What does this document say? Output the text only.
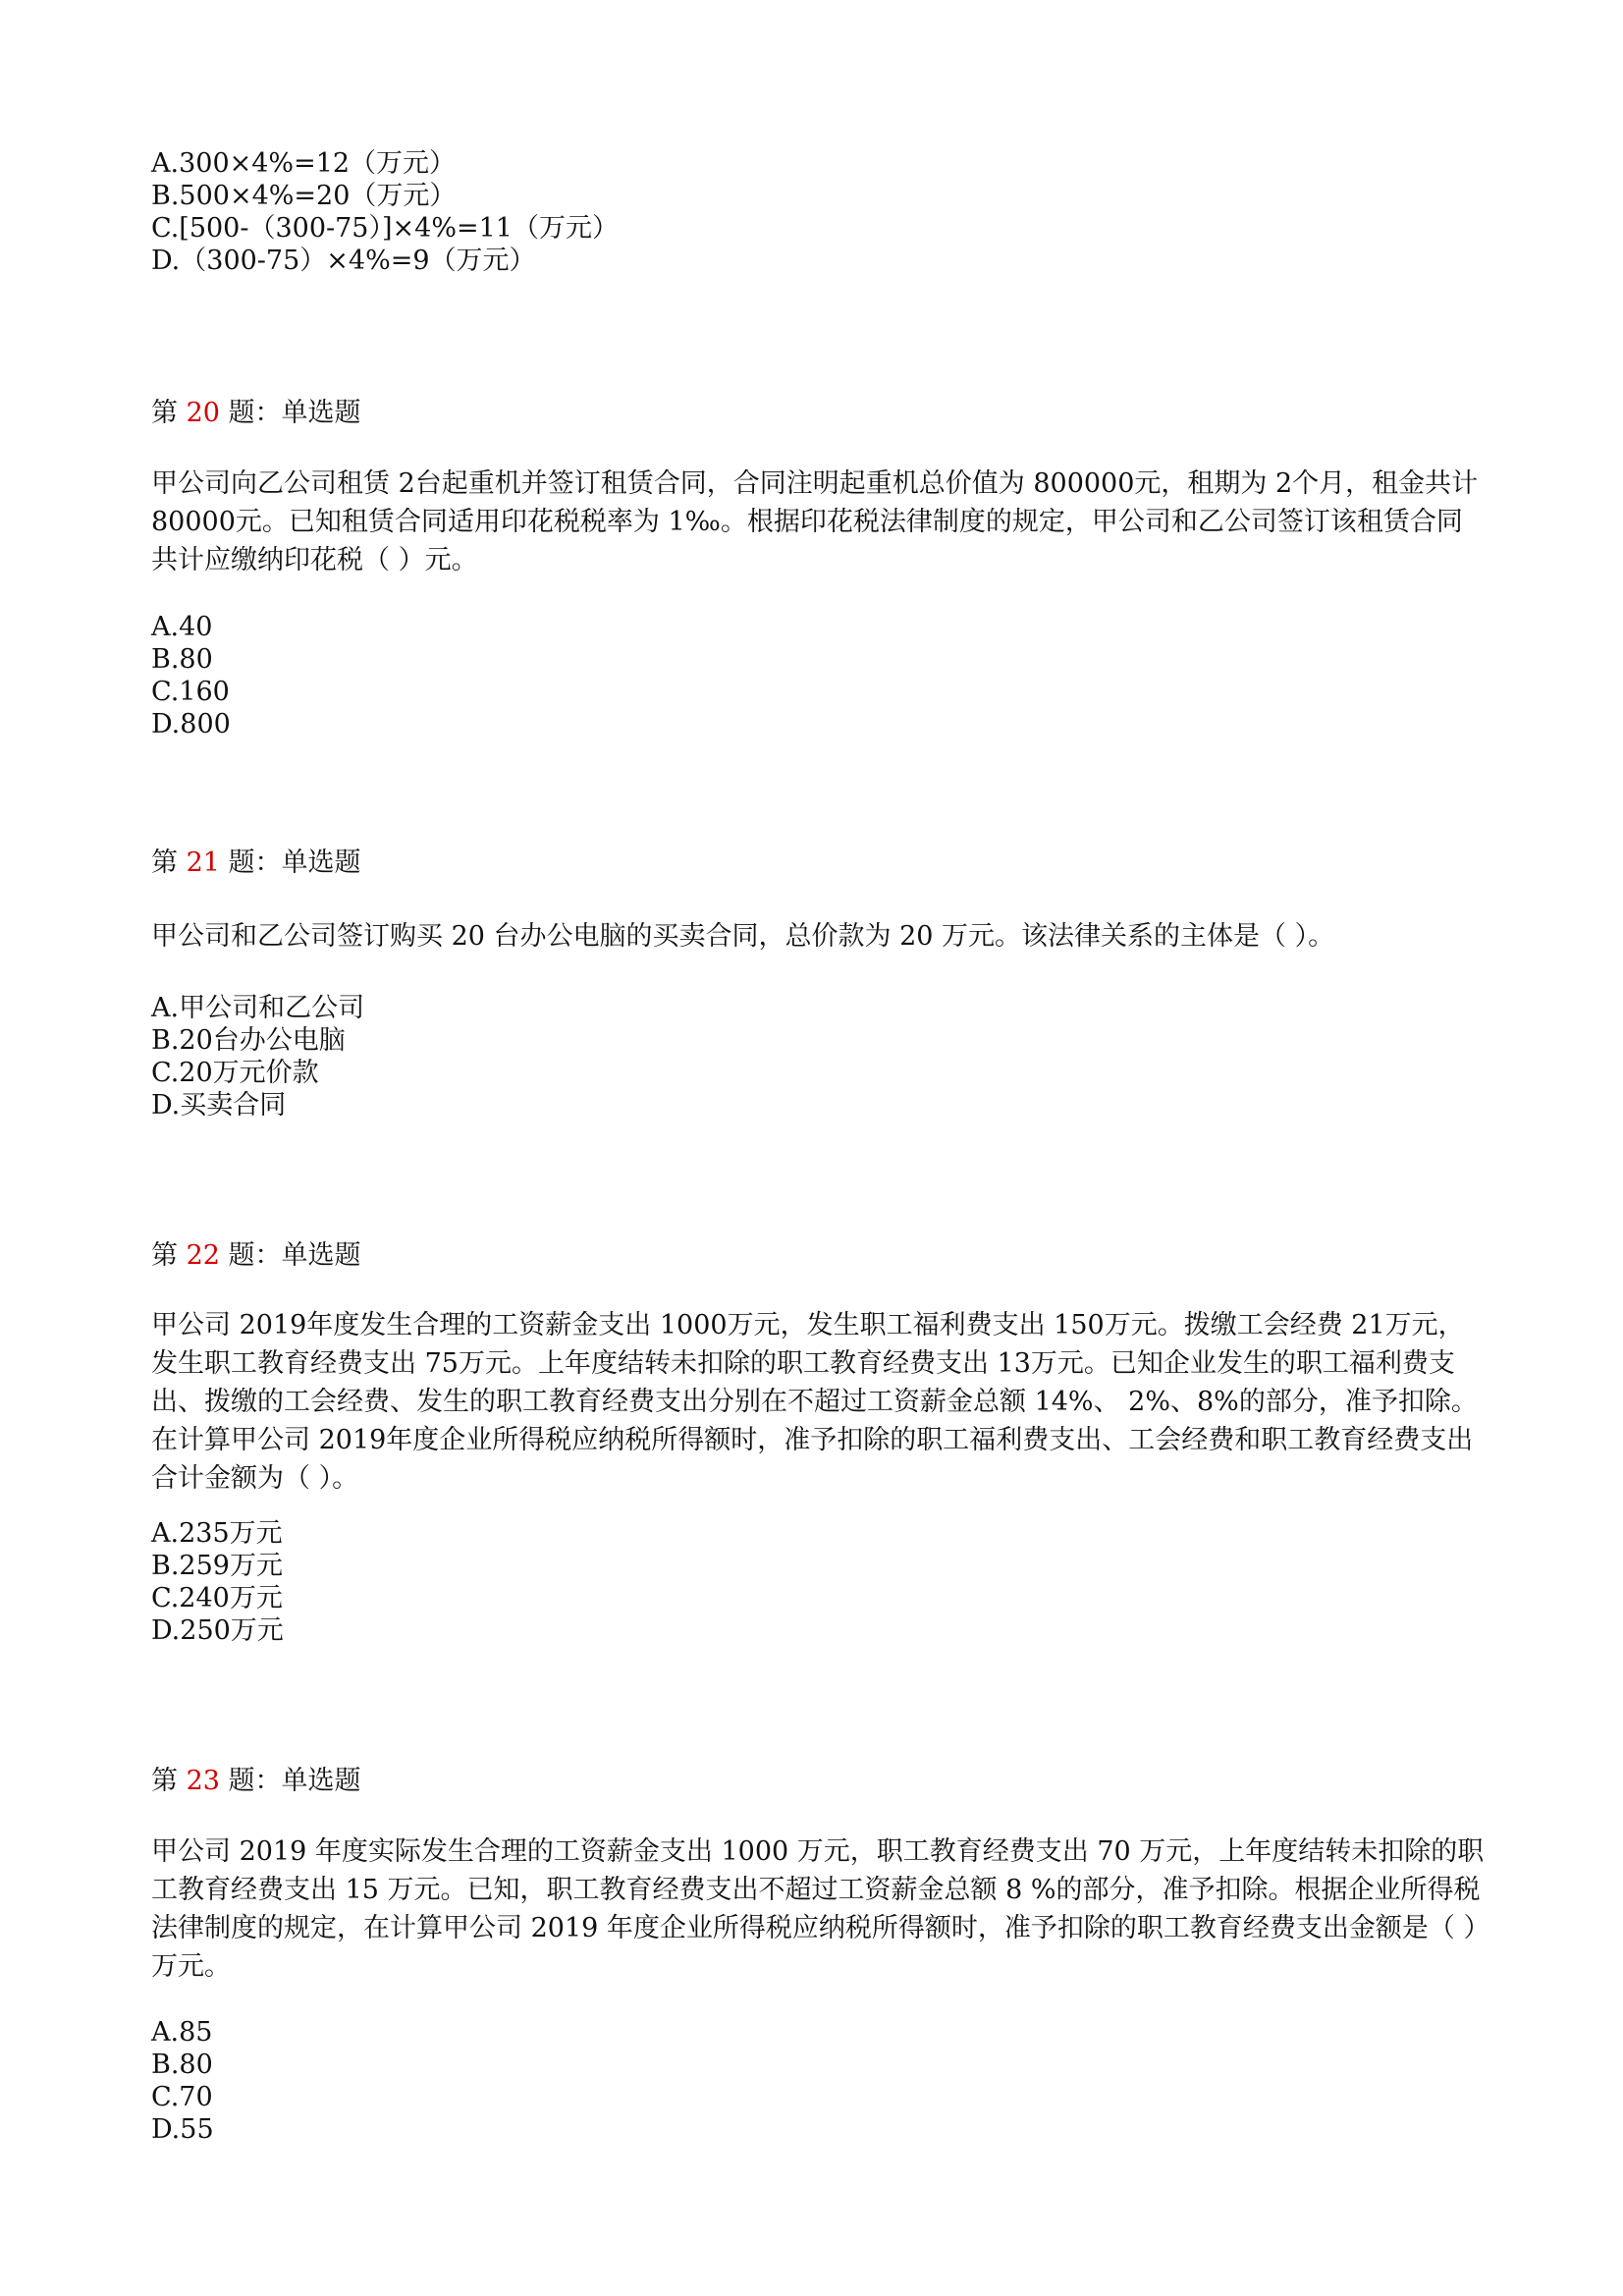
A.300×4%=12（万元）

B.500×4%=20（万元）

C.[500-（300-75）]×4%=11（万元）

D.（300-75）×4%=9（万元）

第 20 题：单选题

甲公司向乙公司租赁 2台起重机并签订租赁合同，合同注明起重机总价值为 800000元，租期为 2个月，租金共计 80000元。已知租赁合同适用印花税税率为 1‰。根据印花税法律制度的规定，甲公司和乙公司签订该租赁合同共计应缴纳印花税（ ）元。

A.40

B.80

C.160

D.800

第 21 题：单选题

甲公司和乙公司签订购买 20 台办公电脑的买卖合同，总价款为 20 万元。该法律关系的主体是（ ）。

A.甲公司和乙公司

B.20台办公电脑

C.20万元价款

D.买卖合同

第 22 题：单选题

甲公司 2019年度发生合理的工资薪金支出 1000万元，发生职工福利费支出 150万元。拨缴工会经费 21万元，发生职工教育经费支出 75万元。上年度结转未扣除的职工教育经费支出 13万元。已知企业发生的职工福利费支出、拨缴的工会经费、发生的职工教育经费支出分别在不超过工资薪金总额 14%、 2%、8%的部分，准予扣除。在计算甲公司 2019年度企业所得税应纳税所得额时，准予扣除的职工福利费支出、工会经费和职工教育经费支出合计金额为（ ）。

A.235万元

B.259万元

C.240万元

D.250万元

第 23 题：单选题

甲公司 2019 年度实际发生合理的工资薪金支出 1000 万元，职工教育经费支出 70 万元，上年度结转未扣除的职工教育经费支出 15 万元。已知，职工教育经费支出不超过工资薪金总额 8 %的部分，准予扣除。根据企业所得税法律制度的规定，在计算甲公司 2019 年度企业所得税应纳税所得额时，准予扣除的职工教育经费支出金额是（ ）万元。

A.85

B.80

C.70

D.55
